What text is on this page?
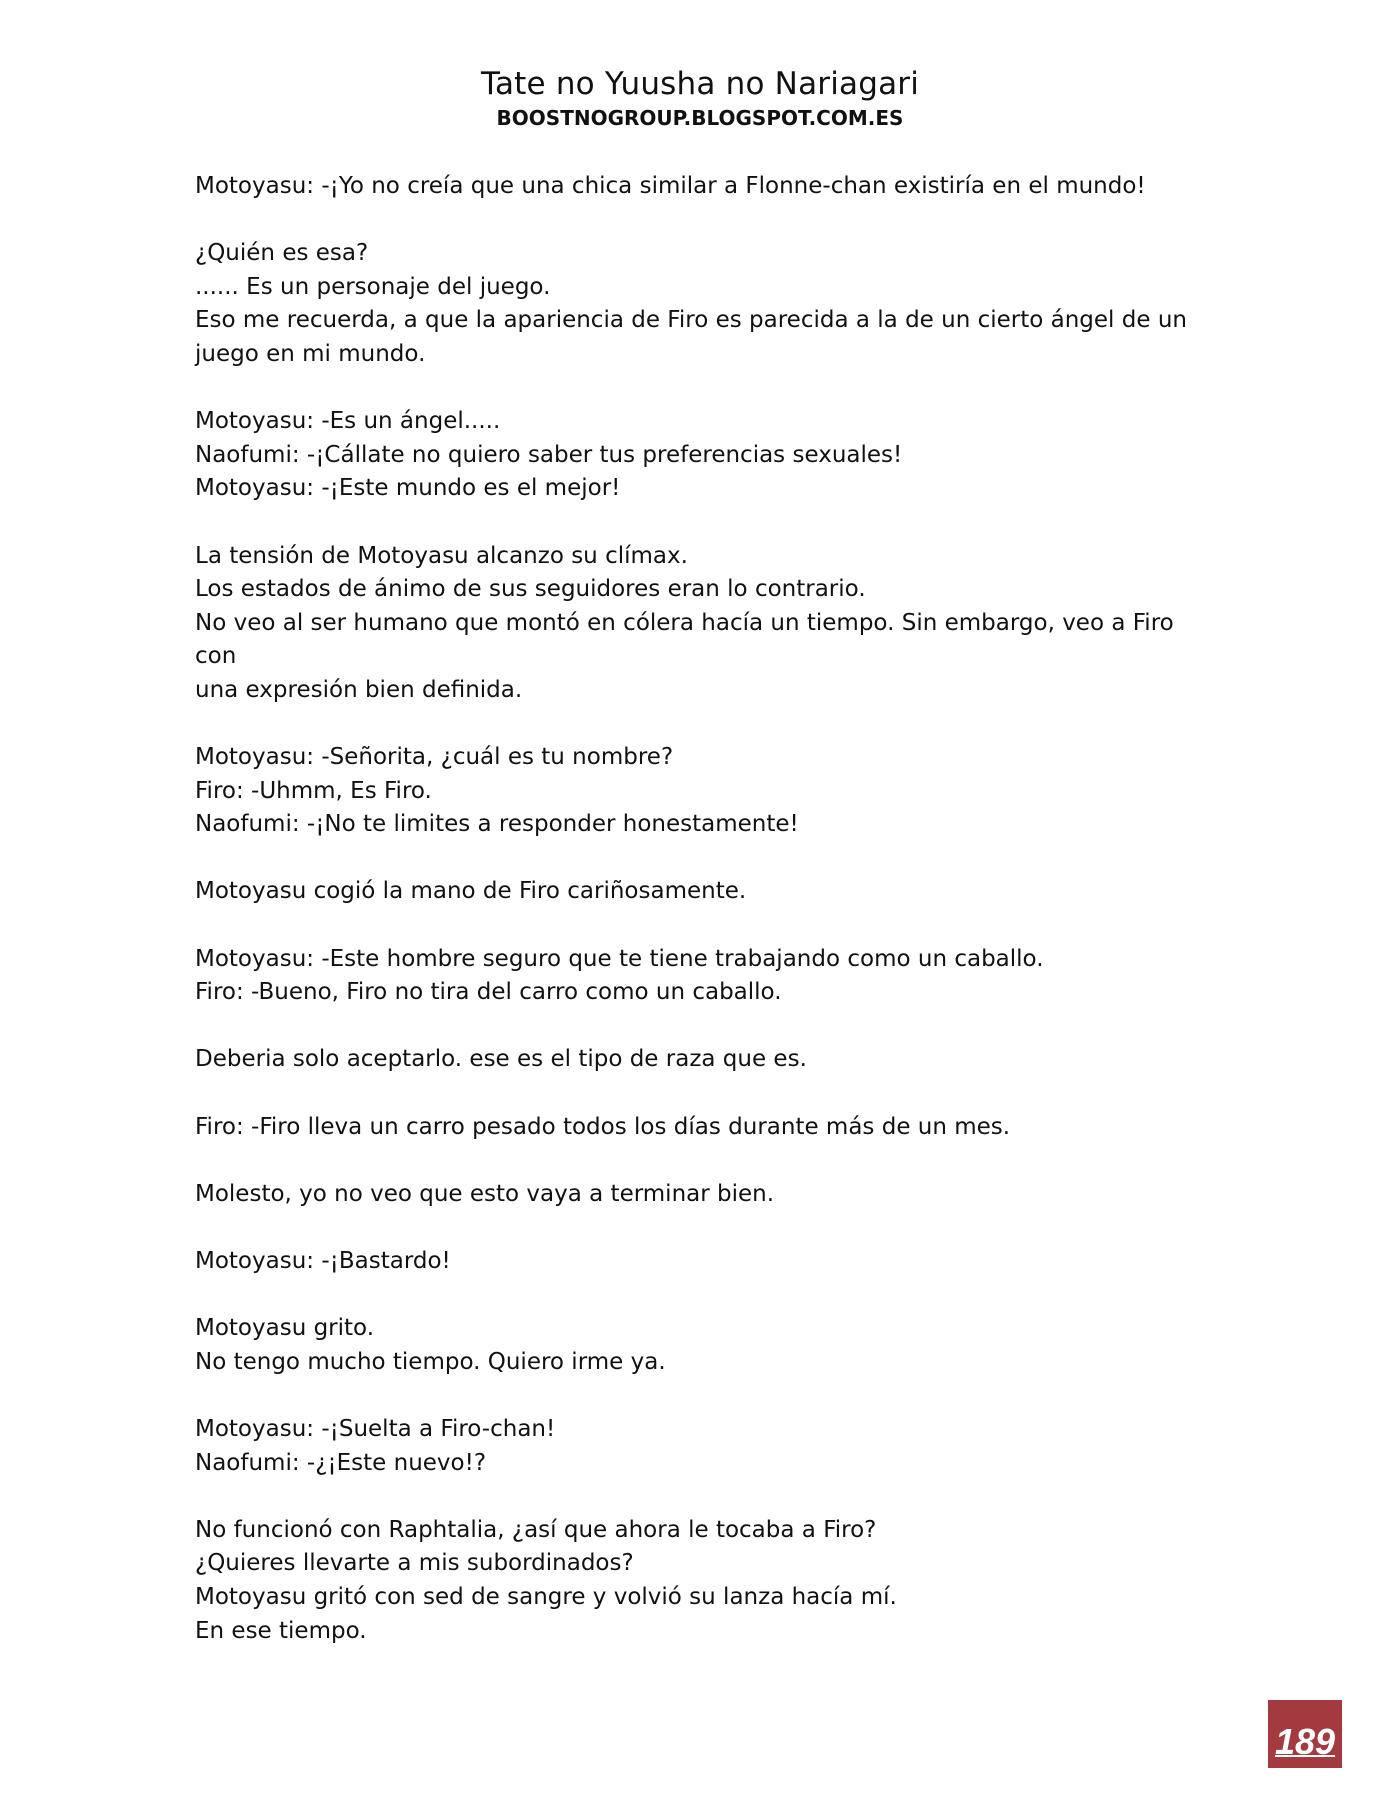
Tate no Yuusha no Nariagari
BOOSTNOGROUP.BLOGSPOT.COM.ES

Motoyasu: -¡Yo no creía que una chica similar a Flonne-chan existiría en el mundo!

¿Quién es esa?

...... Es un personaje del juego.

Eso me recuerda, a que la apariencia de Firo es parecida a la de un cierto ángel de un

juego en mi mundo.

Motoyasu: -Es un ángel.....

Naofumi: -¡Cállate no quiero saber tus preferencias sexuales!

Motoyasu: -¡Este mundo es el mejor!

La tensión de Motoyasu alcanzo su clímax.

Los estados de ánimo de sus seguidores eran lo contrario.

No veo al ser humano que montó en cólera hacía un tiempo. Sin embargo, veo a Firo con

una expresión bien definida.

Motoyasu: -Señorita, ¿cuál es tu nombre?

Firo: -Uhmm, Es Firo.

Naofumi: -¡No te limites a responder honestamente!

Motoyasu cogió la mano de Firo cariñosamente.

Motoyasu: -Este hombre seguro que te tiene trabajando como un caballo.

Firo: -Bueno, Firo no tira del carro como un caballo.

Deberia solo aceptarlo. ese es el tipo de raza que es.

Firo: -Firo lleva un carro pesado todos los días durante más de un mes.

Molesto, yo no veo que esto vaya a terminar bien.

Motoyasu: -¡Bastardo!

Motoyasu grito.

No tengo mucho tiempo. Quiero irme ya.

Motoyasu: -¡Suelta a Firo-chan!

Naofumi: -¿¡Este nuevo!?

No funcionó con Raphtalia, ¿así que ahora le tocaba a Firo?

¿Quieres llevarte a mis subordinados?

Motoyasu gritó con sed de sangre y volvió su lanza hacía mí.

En ese tiempo.

189
